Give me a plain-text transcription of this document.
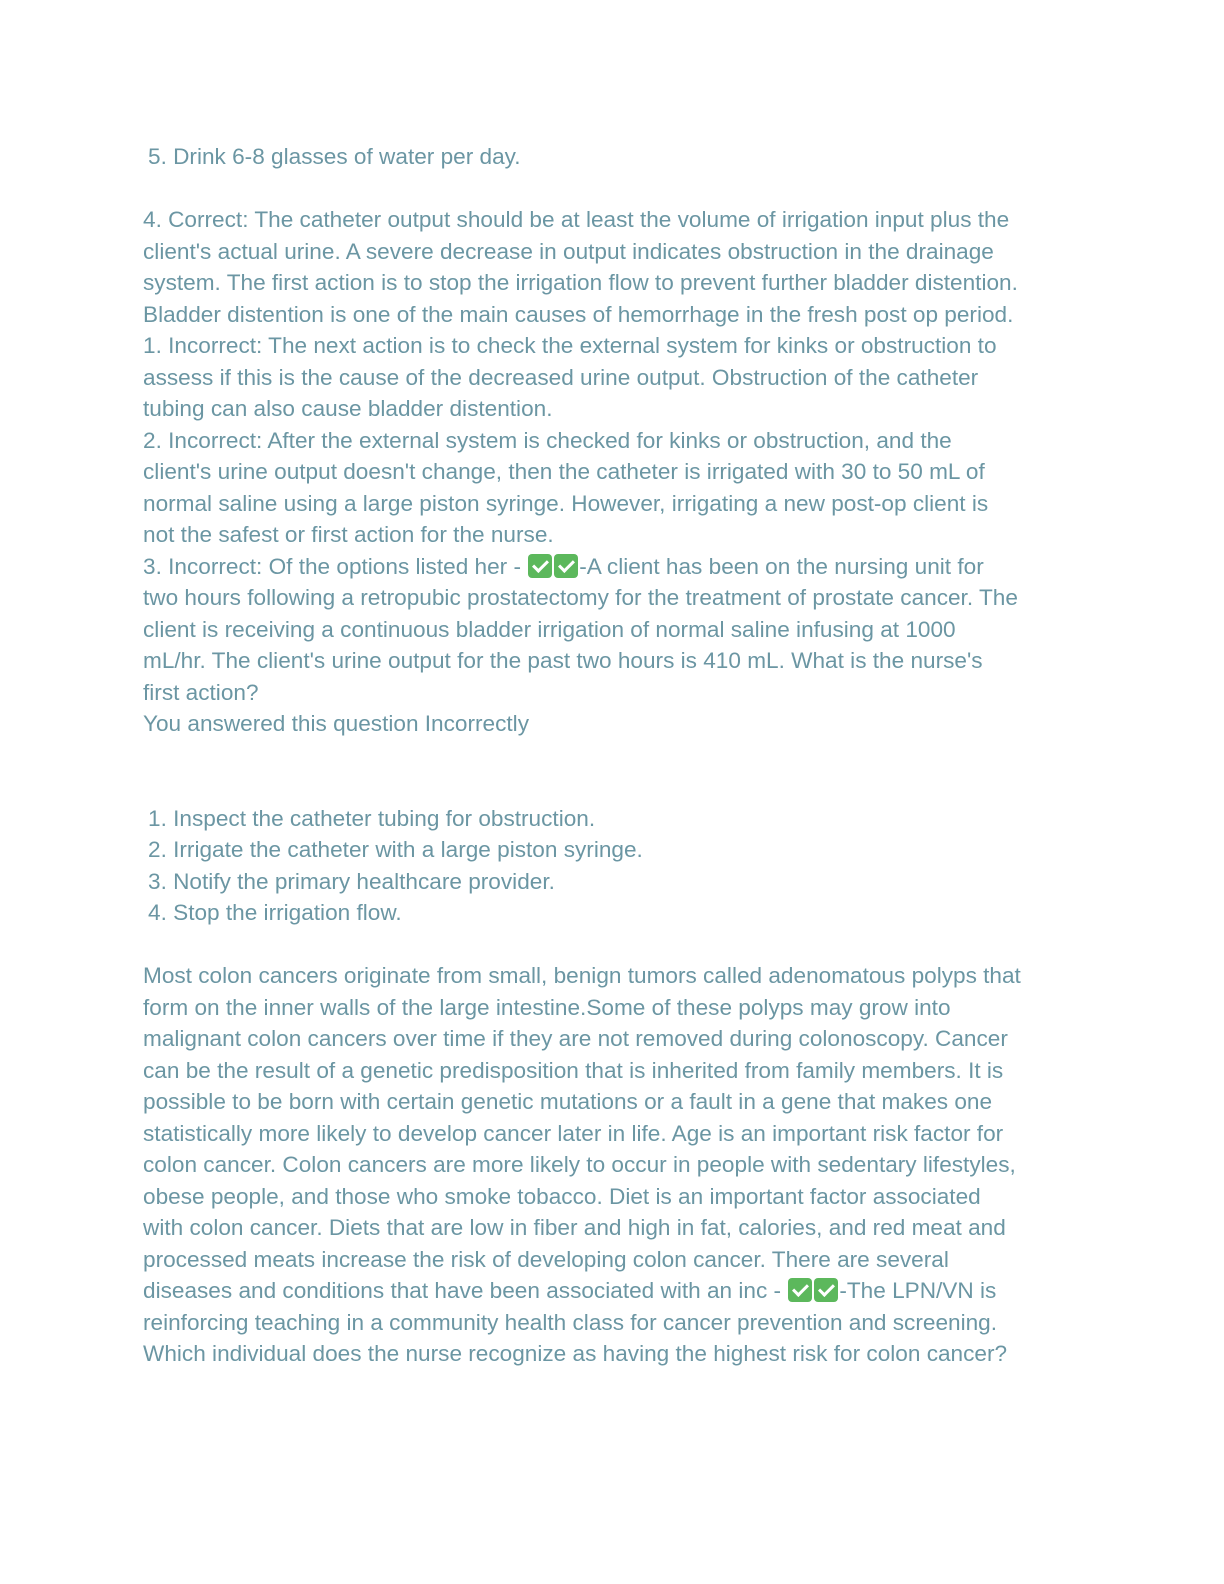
5. Drink 6-8 glasses of water per day.
4. Correct: The catheter output should be at least the volume of irrigation input plus the
client's actual urine. A severe decrease in output indicates obstruction in the drainage
system. The first action is to stop the irrigation flow to prevent further bladder distention.
Bladder distention is one of the main causes of hemorrhage in the fresh post op period.
1. Incorrect: The next action is to check the external system for kinks or obstruction to
assess if this is the cause of the decreased urine output. Obstruction of the catheter
tubing can also cause bladder distention.
2. Incorrect: After the external system is checked for kinks or obstruction, and the
client's urine output doesn't change, then the catheter is irrigated with 30 to 50 mL of
normal saline using a large piston syringe. However, irrigating a new post-op client is
not the safest or first action for the nurse.
3. Incorrect: Of the options listed her - -A client has been on the nursing unit for
two hours following a retropubic prostatectomy for the treatment of prostate cancer. The
client is receiving a continuous bladder irrigation of normal saline infusing at 1000
mL/hr. The client's urine output for the past two hours is 410 mL. What is the nurse's
first action?
You answered this question Incorrectly
1. Inspect the catheter tubing for obstruction.
2. Irrigate the catheter with a large piston syringe.
3. Notify the primary healthcare provider.
4. Stop the irrigation flow.
Most colon cancers originate from small, benign tumors called adenomatous polyps that
form on the inner walls of the large intestine.Some of these polyps may grow into
malignant colon cancers over time if they are not removed during colonoscopy. Cancer
can be the result of a genetic predisposition that is inherited from family members. It is
possible to be born with certain genetic mutations or a fault in a gene that makes one
statistically more likely to develop cancer later in life. Age is an important risk factor for
colon cancer. Colon cancers are more likely to occur in people with sedentary lifestyles,
obese people, and those who smoke tobacco. Diet is an important factor associated
with colon cancer. Diets that are low in fiber and high in fat, calories, and red meat and
processed meats increase the risk of developing colon cancer. There are several
diseases and conditions that have been associated with an inc - -The LPN/VN is
reinforcing teaching in a community health class for cancer prevention and screening.
Which individual does the nurse recognize as having the highest risk for colon cancer?
